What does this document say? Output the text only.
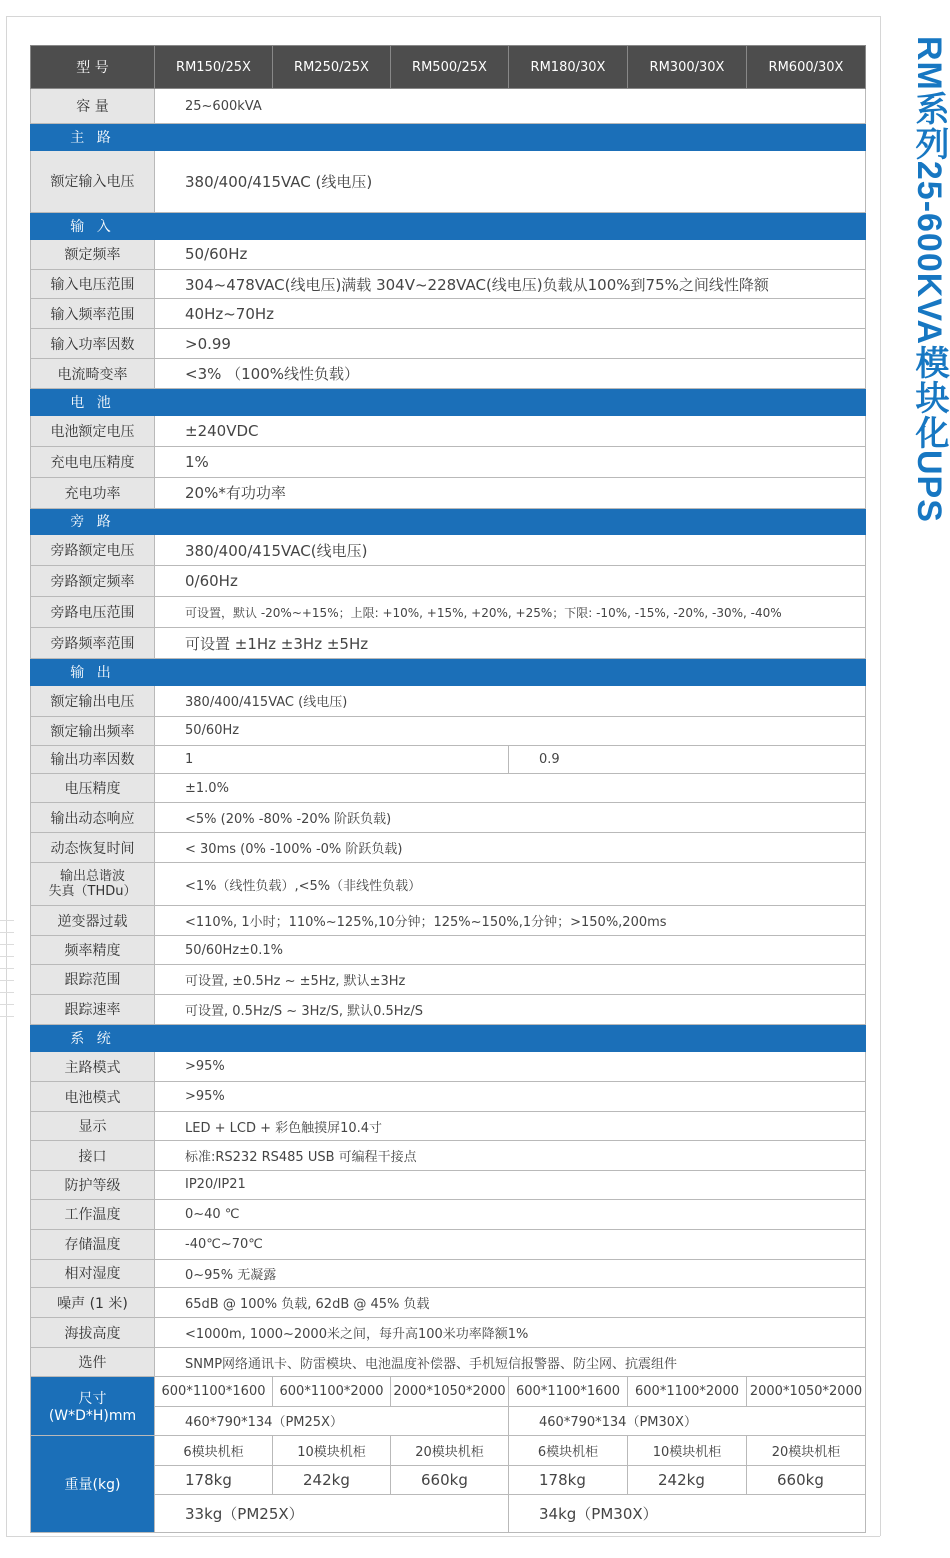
RM系列25-600KVA模块化UPS
型 号	RM150/25X	RM250/25X	RM500/25X	RM180/30X	RM300/30X	RM600/30X
容 量	25~600kVA					
主 路						
额定输入电压	380/400/415VAC (线电压)					
输 入						
额定频率	50/60Hz					
输入电压范围	304~478VAC(线电压)满载 304V~228VAC(线电压)负载从100%到75%之间线性降额					
输入频率范围	40Hz~70Hz					
输入功率因数	>0.99					
电流畸变率	<3% （100%线性负载）					
电 池						
电池额定电压	±240VDC					
充电电压精度	1%					
充电功率	20%*有功功率					
旁 路						
旁路额定电压	380/400/415VAC(线电压)					
旁路额定频率	0/60Hz					
旁路电压范围	可设置，默认 -20%~+15%；上限: +10%, +15%, +20%, +25%；下限: -10%, -15%, -20%, -30%, -40%					
旁路频率范围	可设置 ±1Hz ±3Hz ±5Hz					
输 出						
额定输出电压	380/400/415VAC (线电压)					
额定输出频率	50/60Hz					
输出功率因数	1			0.9		
电压精度	±1.0%					
输出动态响应	<5% (20% -80% -20% 阶跃负载)					
动态恢复时间	< 30ms (0% -100% -0% 阶跃负载)					

输出总谐波
失真（THDu）	<1%（线性负载）,<5%（非线性负载）					
逆变器过载	<110%, 1小时；110%~125%,10分钟；125%~150%,1分钟；>150%,200ms					
频率精度	50/60Hz±0.1%					
跟踪范围	可设置, ±0.5Hz ~ ±5Hz, 默认±3Hz					
跟踪速率	可设置, 0.5Hz/S ~ 3Hz/S, 默认0.5Hz/S					
系 统						
主路模式	>95%					
电池模式	>95%					
显示	LED + LCD + 彩色触摸屏10.4寸					
接口	标准:RS232 RS485 USB 可编程干接点					
防护等级	IP20/IP21					
工作温度	0~40 ℃					
存储温度	-40℃~70℃					
相对湿度	0~95% 无凝露					
噪声 (1 米)	65dB @ 100% 负载, 62dB @ 45% 负载					
海拔高度	<1000m, 1000~2000米之间，每升高100米功率降额1%					
选件	SNMP网络通讯卡、防雷模块、电池温度补偿器、手机短信报警器、防尘网、抗震组件					

尺寸
(W*D*H)mm	600*1100*1600	600*1100*2000	2000*1050*2000	600*1100*1600	600*1100*2000	2000*1050*2000
	460*790*134（PM25X）			460*790*134（PM30X）		
重量(kg)	6模块机柜	10模块机柜	20模块机柜	6模块机柜	10模块机柜	20模块机柜
	178kg	242kg	660kg	178kg	242kg	660kg
	33kg（PM25X）			34kg（PM30X）		
